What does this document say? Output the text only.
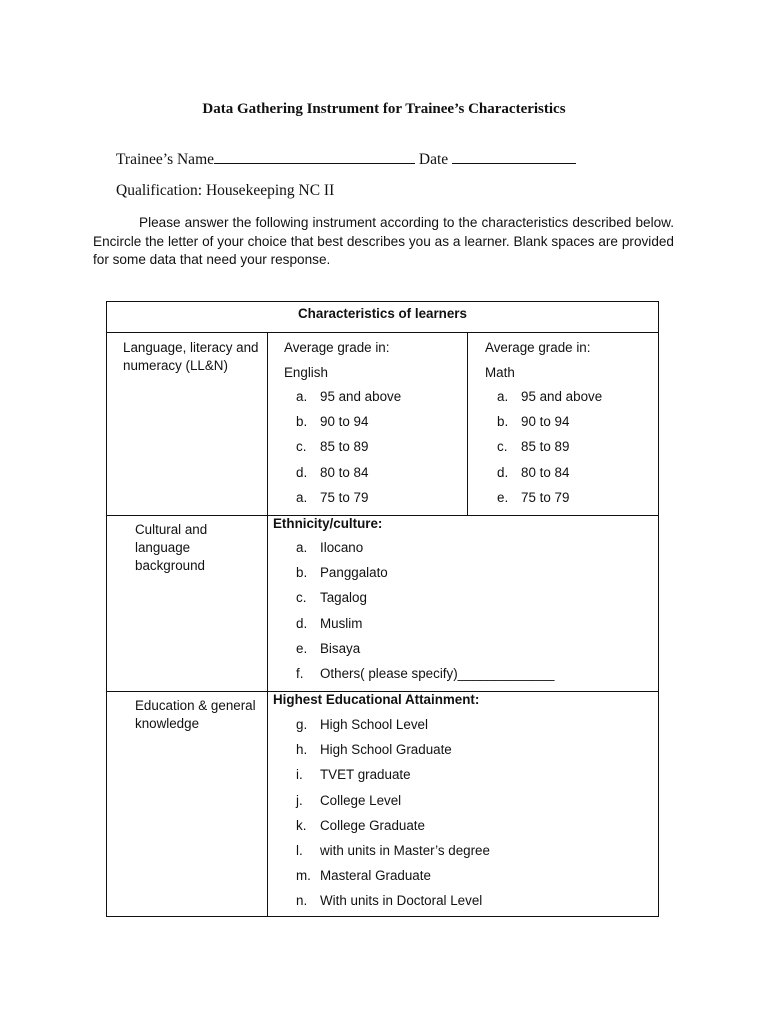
Data Gathering Instrument for Trainee’s Characteristics
Trainee’s Name	Date
Qualification: Housekeeping NC II

Please answer the following instrument according to the characteristics described below. Encircle the letter of your choice that best describes you as a learner. Blank spaces are provided for some data that need your response.

Characteristics of learners
Language, literacy and numeracy (LL&N)
Average grade in:
English
a. 95 and above
b. 90 to 94
c. 85 to 89
d. 80 to 84
a. 75 to 79
Average grade in:
Math
a. 95 and above
b. 90 to 94
c. 85 to 89
d. 80 to 84
e. 75 to 79
Cultural and language background
Ethnicity/culture:
a. Ilocano
b. Panggalato
c. Tagalog
d. Muslim
e. Bisaya
f. Others( please specify)_____________
Education & general knowledge
Highest Educational Attainment:
g. High School Level
h. High School Graduate
i. TVET graduate
j. College Level
k. College Graduate
l. with units in Master’s degree
m. Masteral Graduate
n. With units in Doctoral Level
